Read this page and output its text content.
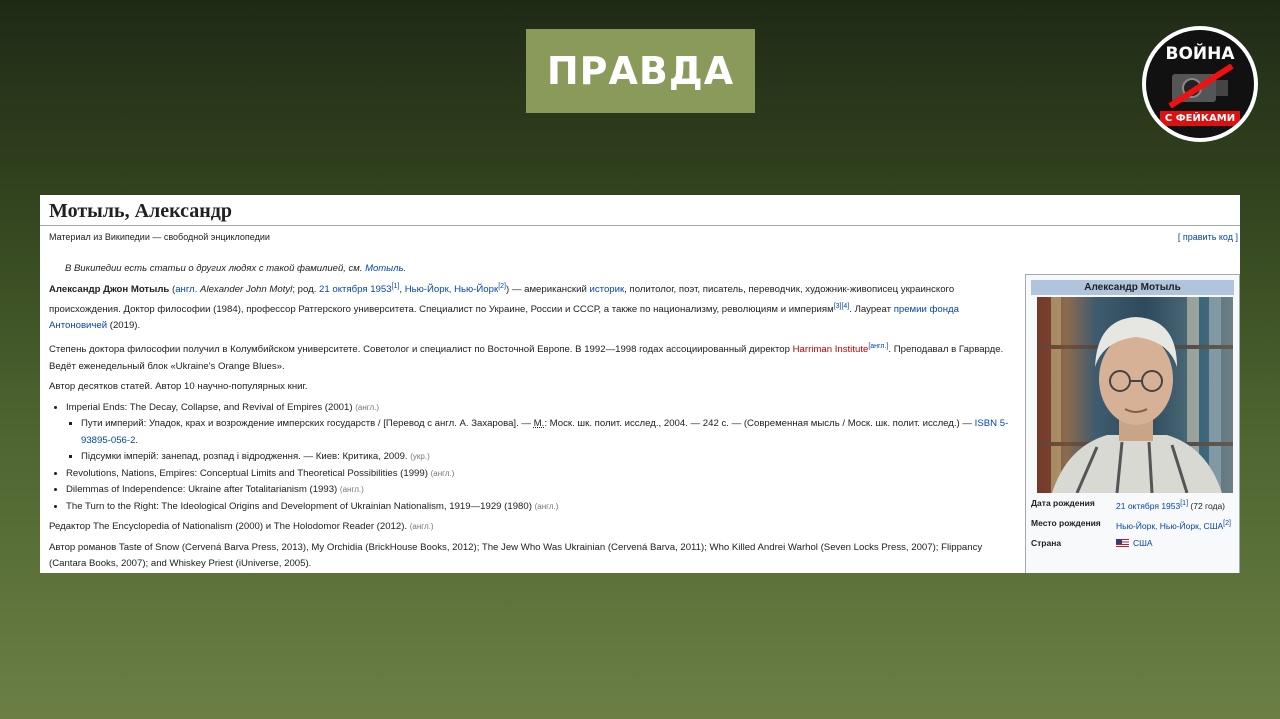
ПРАВДА	ВОЙНА
С ФЕЙКАМИ
Мотыль, Александр
Материал из Википедии — свободной энциклопедии	[ править код ]
В Википедии есть статьи о других людях с такой фамилией, см. Мотыль.

Александр Джон Мотыль (англ. Alexander John Motyl; род. 21 октября 1953[1], Нью-Йорк, Нью-Йорк[2]) — американский историк, политолог, поэт, писатель, переводчик, художник-живописец украинского происхождения. Доктор философии (1984), профессор Ратгерского университета. Специалист по Украине, России и СССР, а также по национализму, революциям и империям[3][4]. Лауреат премии фонда Антоновичей (2019).

Степень доктора философии получил в Колумбийском университете. Советолог и специалист по Восточной Европе. В 1992—1998 годах ассоциированный директор Harriman Institute[англ.]. Преподавал в Гарварде. Ведёт еженедельный блок «Ukraine's Orange Blues».

Автор десятков статей. Автор 10 научно-популярных книг.

• Imperial Ends: The Decay, Collapse, and Revival of Empires (2001) (англ.)
▪ Пути империй: Упадок, крах и возрождение имперских государств / [Перевод с англ. А. Захарова]. — М.: Моск. шк. полит. исслед., 2004. — 242 с. — (Современная мысль / Моск. шк. полит. исслед.) — ISBN 5-93895-056-2.
▪ Підсумки імперій: занепад, розпад і відродження. — Киев: Критика, 2009. (укр.)
• Revolutions, Nations, Empires: Conceptual Limits and Theoretical Possibilities (1999) (англ.)
• Dilemmas of Independence: Ukraine after Totalitarianism (1993) (англ.)
• The Turn to the Right: The Ideological Origins and Development of Ukrainian Nationalism, 1919—1929 (1980) (англ.)

Редактор The Encyclopedia of Nationalism (2000) и The Holodomor Reader (2012). (англ.)

Автор романов Taste of Snow (Cervená Barva Press, 2013), My Orchidia (BrickHouse Books, 2012); The Jew Who Was Ukrainian (Cervená Barva, 2011); Who Killed Andrei Warhol (Seven Locks Press, 2007); Flippancy (Cantara Books, 2007); and Whiskey Priest (iUniverse, 2005).

Александр Мотыль
Дата рождения	21 октября 1953[1] (72 года)
Место рождения	Нью-Йорк, Нью-Йорк, США[2]
Страна	США
